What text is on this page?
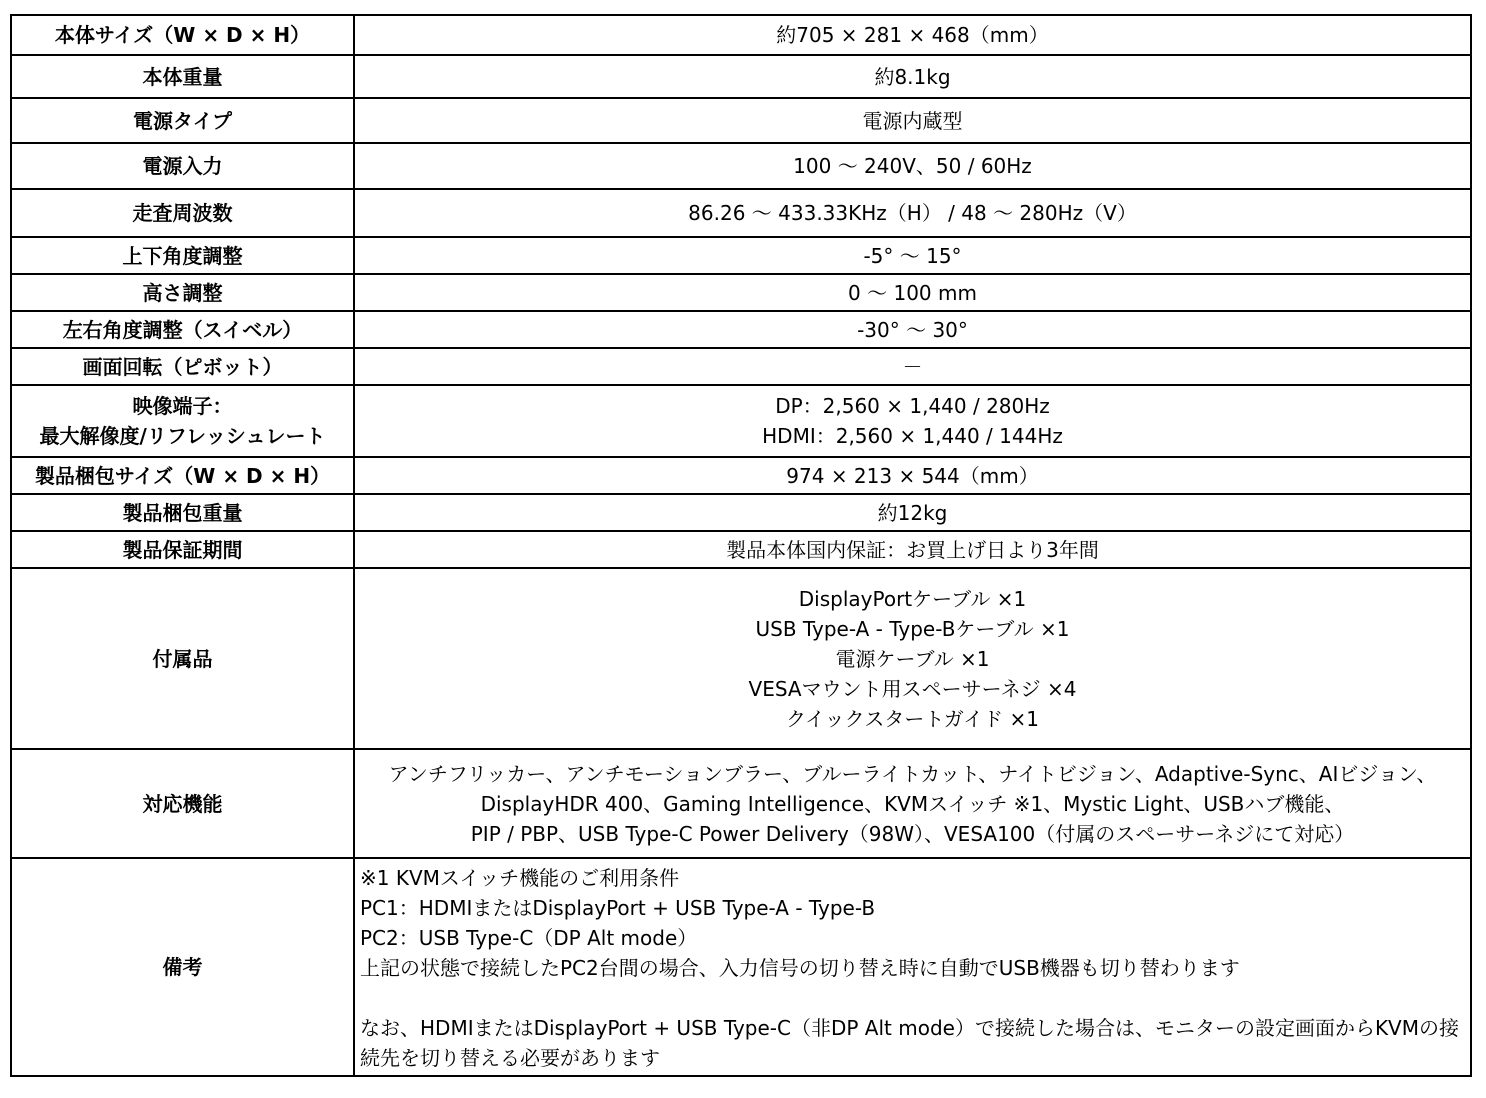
本体サイズ（W × D × H）	約705 × 281 × 468（mm）

本体重量	約8.1kg

電源タイプ	電源内蔵型

電源入力	100 ～ 240V、50 / 60Hz

走査周波数	86.26 ～ 433.33KHz（H） / 48 ～ 280Hz（V）

上下角度調整	-5° ～ 15°

高さ調整	0 ～ 100 mm

左右角度調整（スイベル）	-30° ～ 30°

画面回転（ピボット）	－

映像端子：
最大解像度/リフレッシュレート	DP：2,560 × 1,440 / 280Hz
HDMI：2,560 × 1,440 / 144Hz

製品梱包サイズ（W × D × H）	974 × 213 × 544（mm）

製品梱包重量	約12kg

製品保証期間	製品本体国内保証：お買上げ日より3年間

付属品	DisplayPortケーブル ×1
USB Type-A - Type-Bケーブル ×1
電源ケーブル ×1
VESAマウント用スペーサーネジ ×4
クイックスタートガイド ×1

対応機能	アンチフリッカー、アンチモーションブラー、ブルーライトカット、ナイトビジョン、Adaptive-Sync、AIビジョン、
DisplayHDR 400、Gaming Intelligence、KVMスイッチ ※1、Mystic Light、USBハブ機能、
PIP / PBP、USB Type-C Power Delivery（98W）、VESA100（付属のスペーサーネジにて対応）

備考	※1 KVMスイッチ機能のご利用条件
PC1：HDMIまたはDisplayPort + USB Type-A - Type-B
PC2：USB Type-C（DP Alt mode）
上記の状態で接続したPC2台間の場合、入力信号の切り替え時に自動でUSB機器も切り替わります
なお、HDMIまたはDisplayPort + USB Type-C（非DP Alt mode）で接続した場合は、モニターの設定画面からKVMの接続先を切り替える必要があります
